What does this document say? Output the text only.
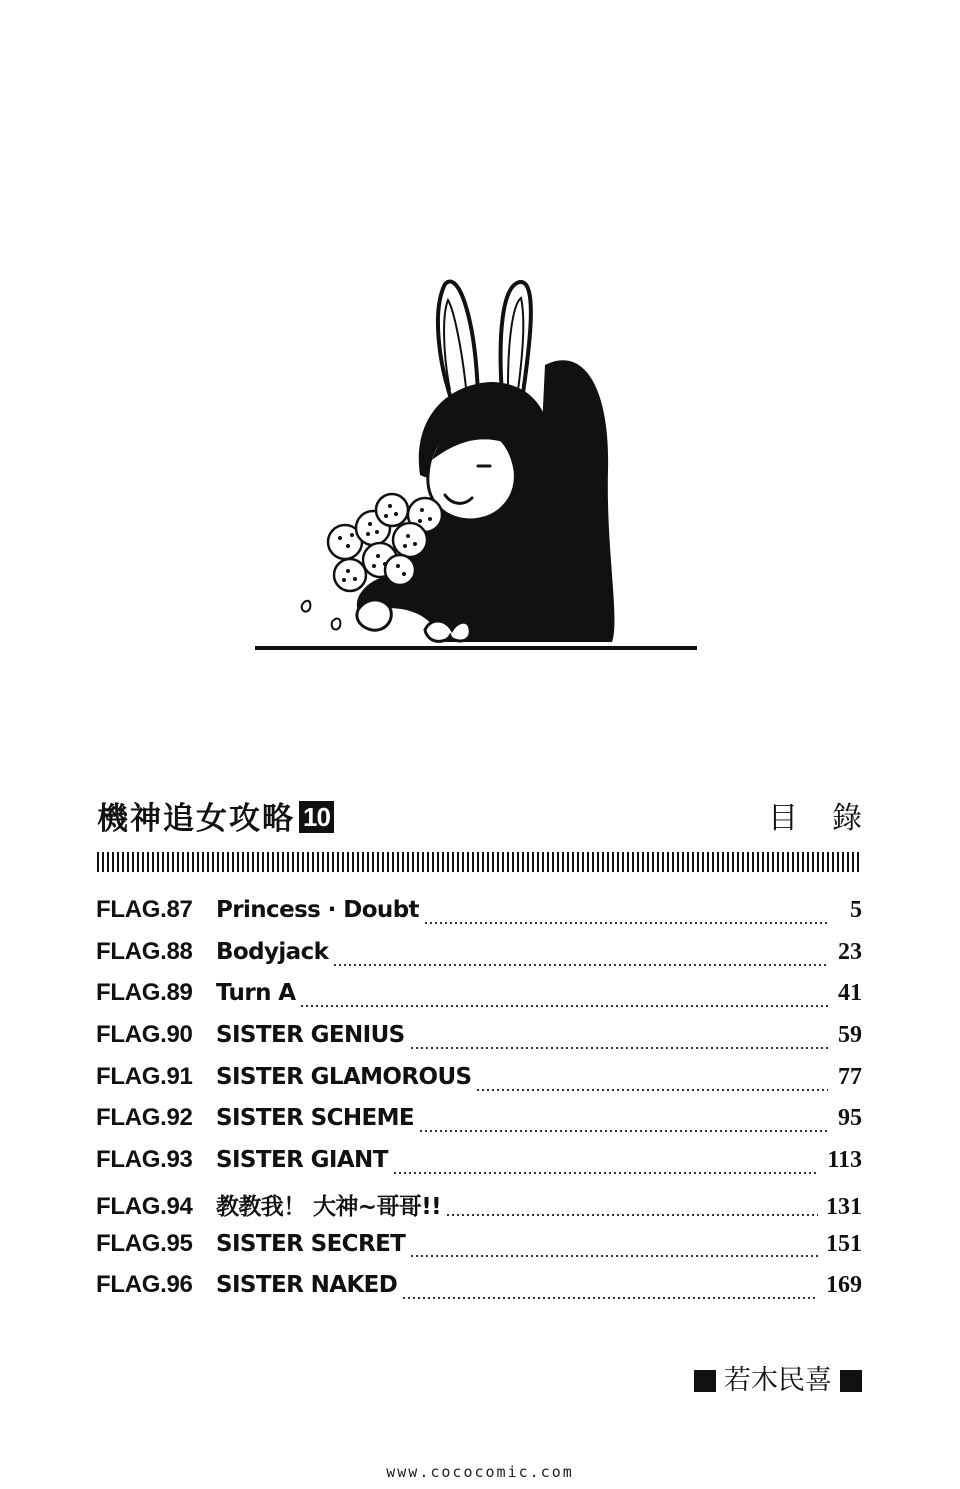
機神追女攻略 10	目錄
FLAG.87	Princess · Doubt	5
FLAG.88	Bodyjack	23
FLAG.89	Turn A	41
FLAG.90	SISTER GENIUS	59
FLAG.91	SISTER GLAMOROUS	77
FLAG.92	SISTER SCHEME	95
FLAG.93	SISTER GIANT	113
FLAG.94	教教我！ 大神~哥哥!!	131
FLAG.95	SISTER SECRET	151
FLAG.96	SISTER NAKED	169
若木民喜
www.cococomic.com
